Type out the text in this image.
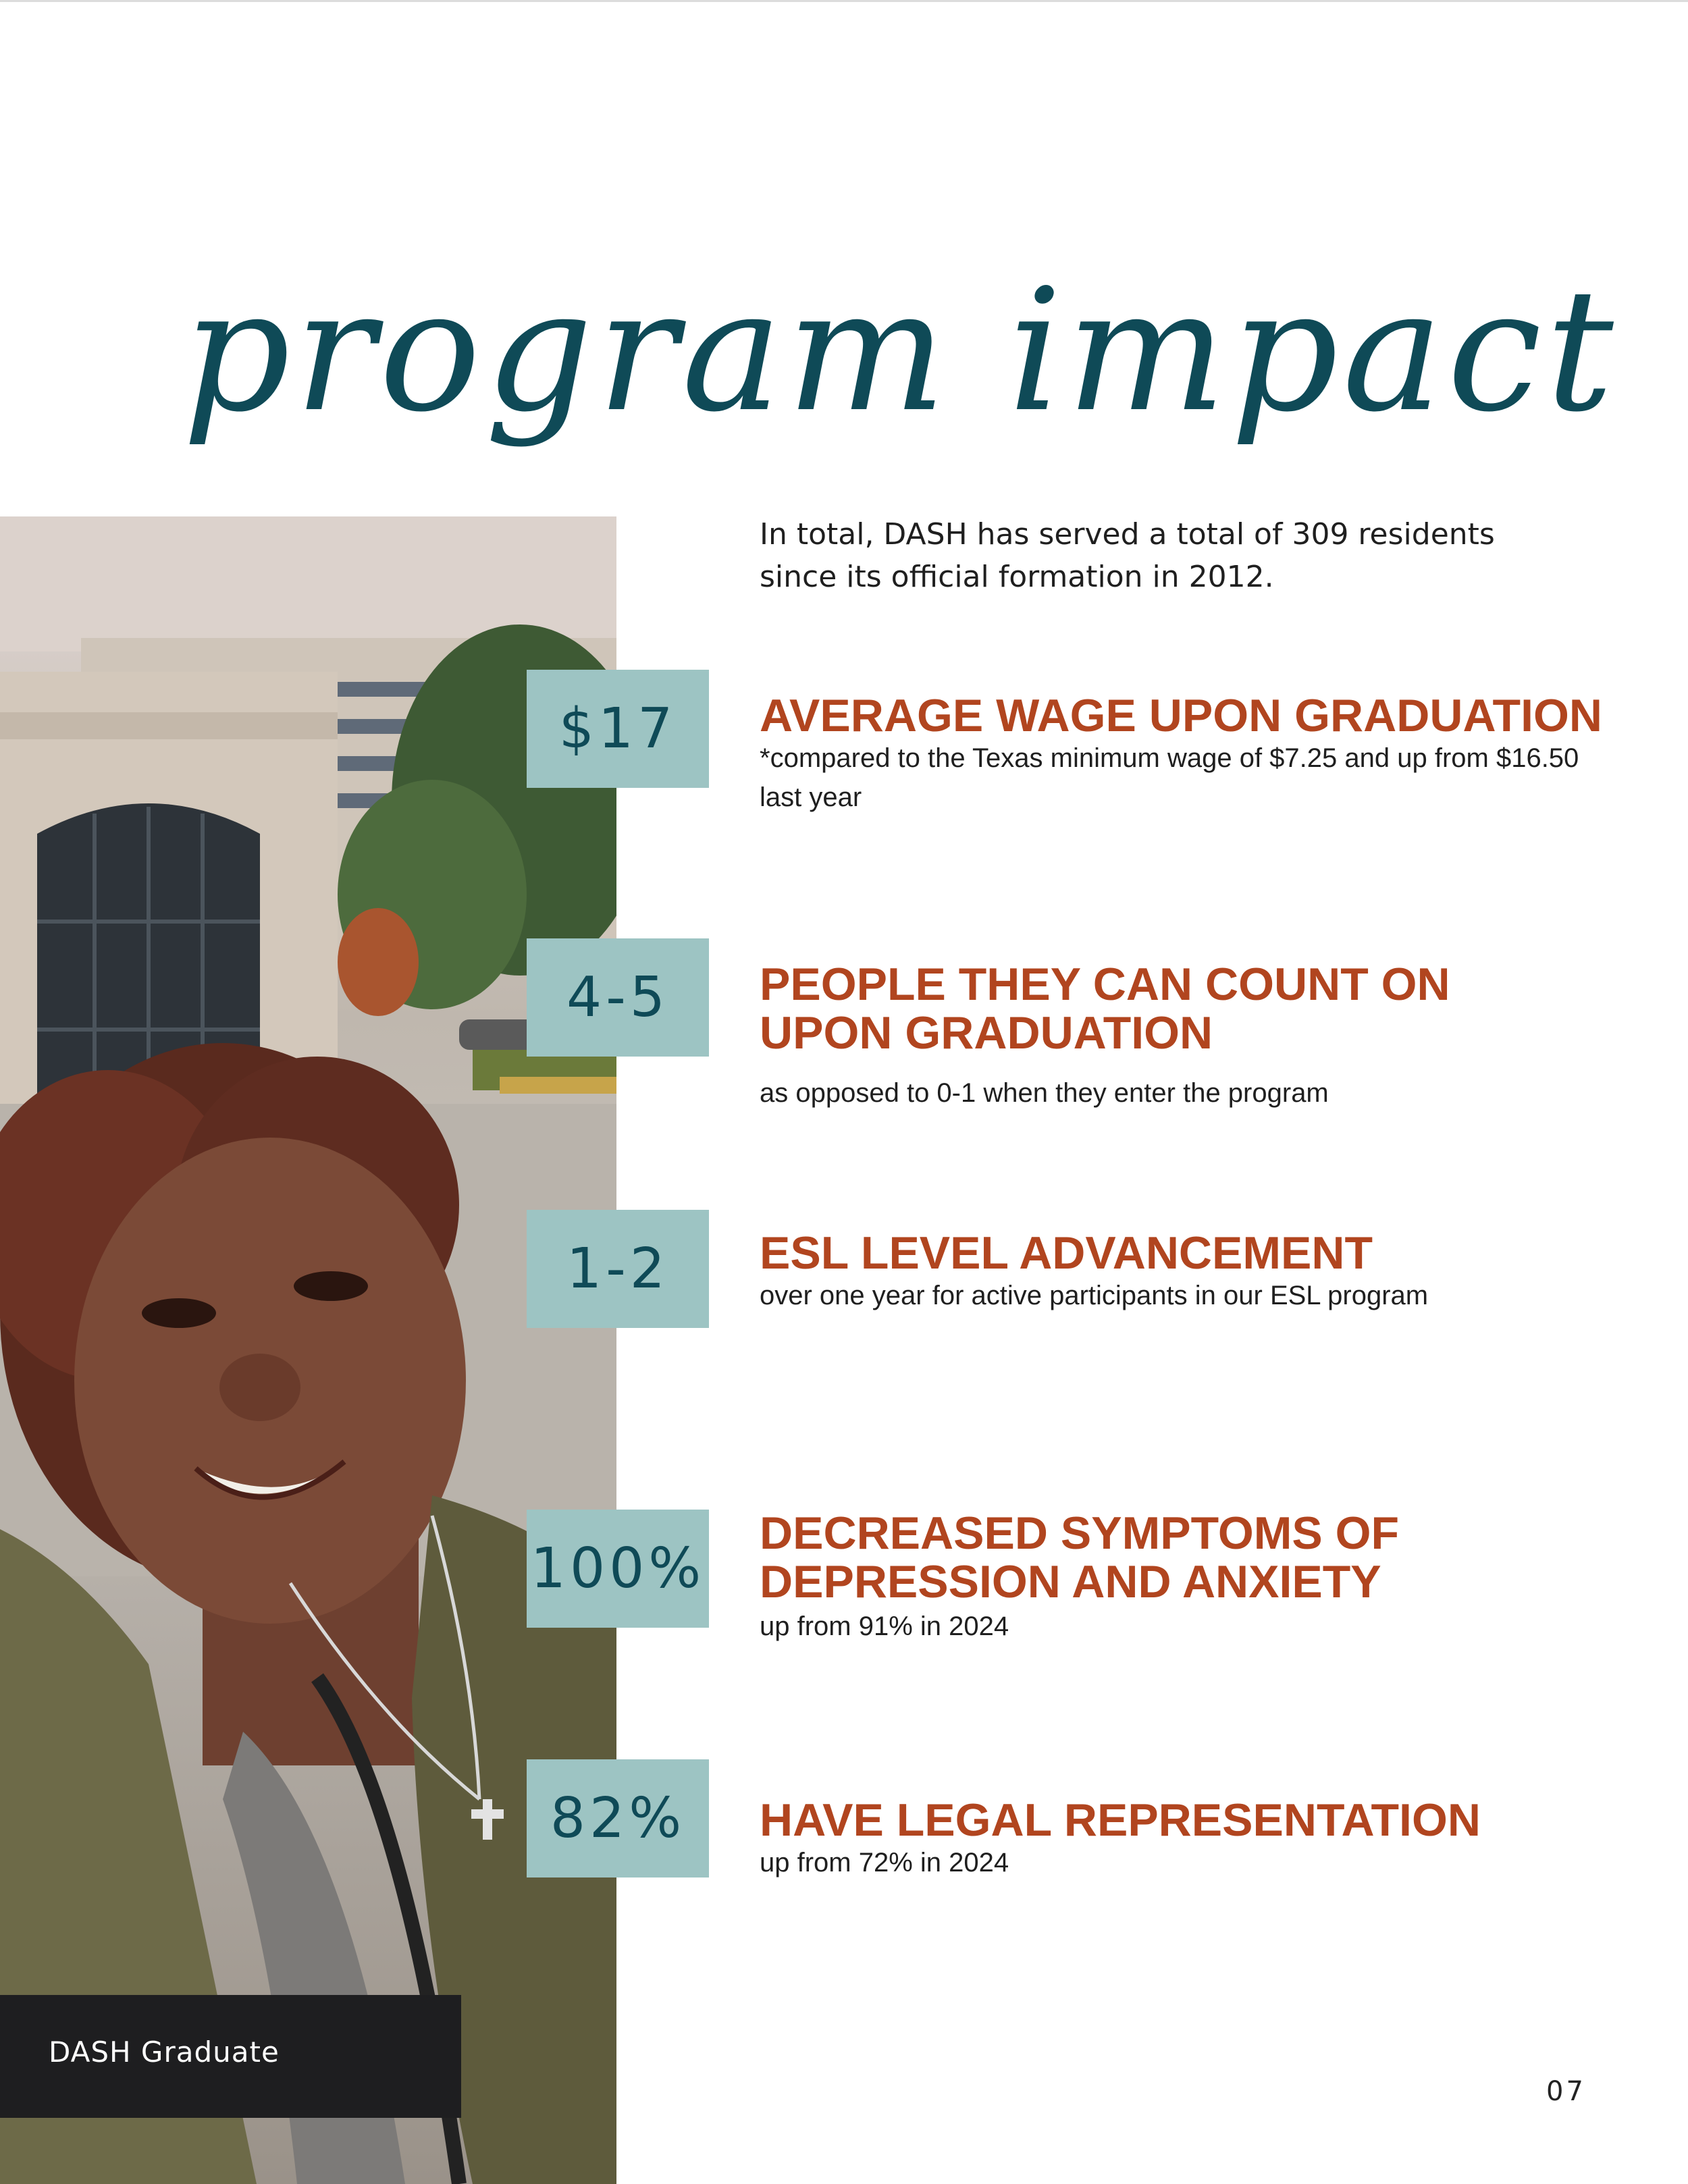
program impact
DASH Graduate
In total, DASH has served a total of 309 residents since its official formation in 2012.
$17	AVERAGE WAGE UPON GRADUATION
*compared to the Texas minimum wage of $7.25 and up from $16.50 last year
4-5	PEOPLE THEY CAN COUNT ON UPON GRADUATION
as opposed to 0-1 when they enter the program
1-2	ESL LEVEL ADVANCEMENT
over one year for active participants in our ESL program
100%
DECREASED SYMPTOMS OF DEPRESSION AND ANXIETY
up from 91% in 2024
82%	HAVE LEGAL REPRESENTATION
up from 72% in 2024
07
